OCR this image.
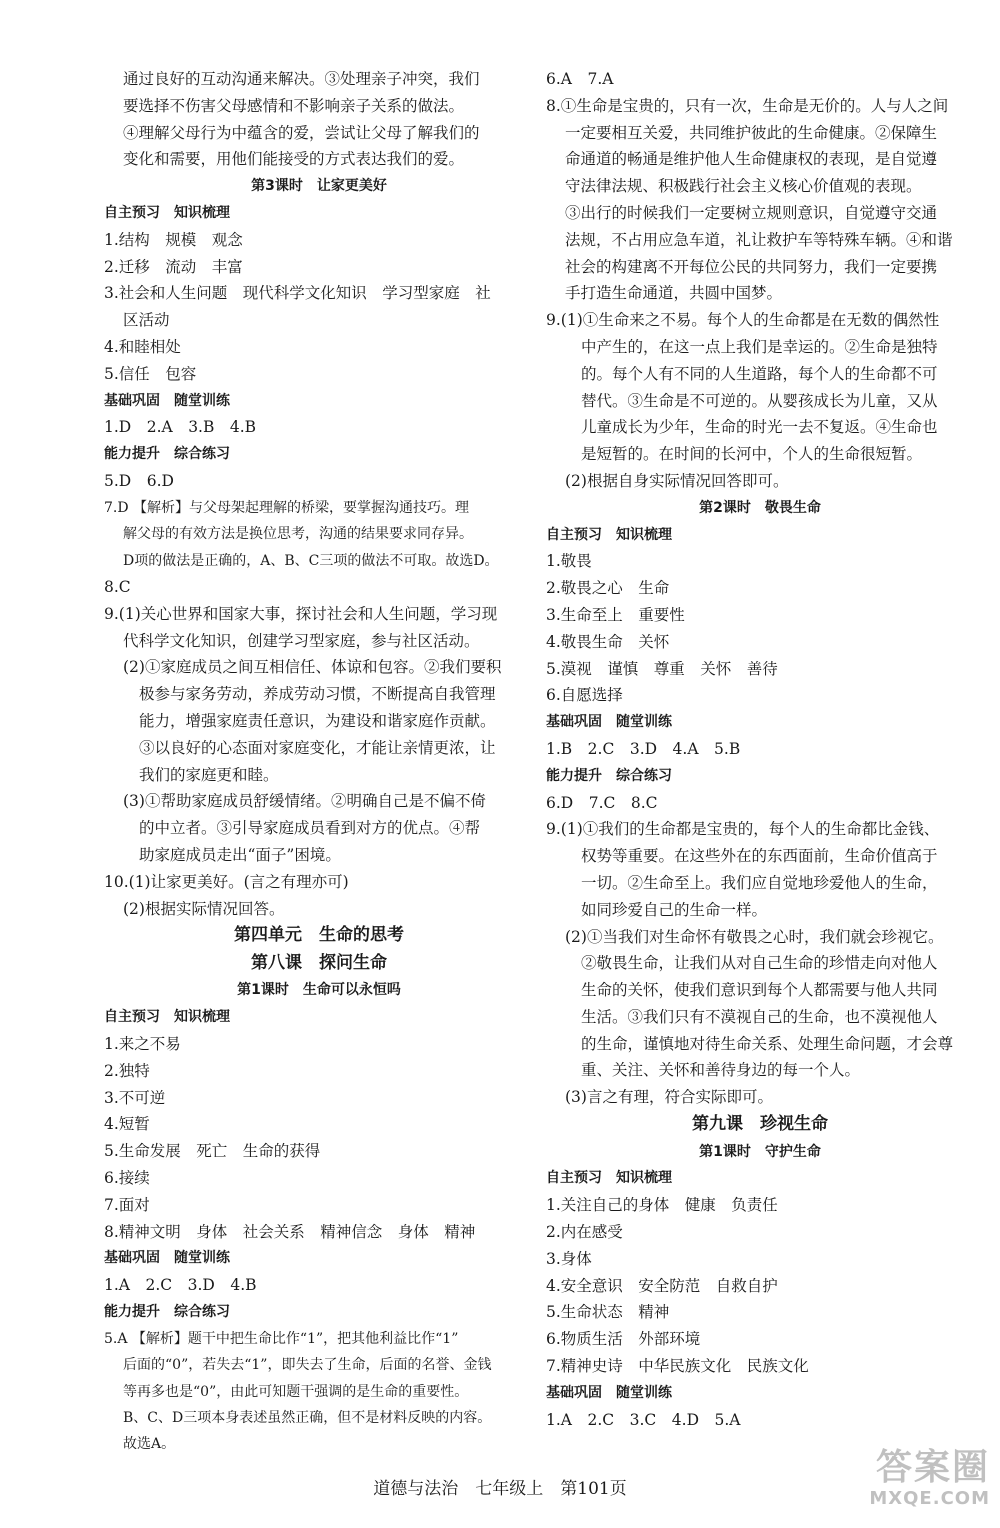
通过良好的互动沟通来解决。③处理亲子冲突，我们
要选择不伤害父母感情和不影响亲子关系的做法。
④理解父母行为中蕴含的爱，尝试让父母了解我们的
变化和需要，用他们能接受的方式表达我们的爱。
第3课时　让家更美好
自主预习　知识梳理
1.结构　规模　观念
2.迁移　流动　丰富
3.社会和人生问题　现代科学文化知识　学习型家庭　社
区活动
4.和睦相处
5.信任　包容
基础巩固　随堂训练
1.D　2.A　3.B　4.B
能力提升　综合练习
5.D　6.D
7.D 【解析】与父母架起理解的桥梁，要掌握沟通技巧。理
解父母的有效方法是换位思考，沟通的结果要求同存异。
D项的做法是正确的，A、B、C三项的做法不可取。故选D。
8.C
9.(1)关心世界和国家大事，探讨社会和人生问题，学习现
代科学文化知识，创建学习型家庭，参与社区活动。
(2)①家庭成员之间互相信任、体谅和包容。②我们要积
极参与家务劳动，养成劳动习惯，不断提高自我管理
能力，增强家庭责任意识，为建设和谐家庭作贡献。
③以良好的心态面对家庭变化，才能让亲情更浓，让
我们的家庭更和睦。
(3)①帮助家庭成员舒缓情绪。②明确自己是不偏不倚
的中立者。③引导家庭成员看到对方的优点。④帮
助家庭成员走出“面子”困境。
10.(1)让家更美好。(言之有理亦可)
(2)根据实际情况回答。
第四单元　生命的思考
第八课　探问生命
第1课时　生命可以永恒吗
自主预习　知识梳理
1.来之不易
2.独特
3.不可逆
4.短暂
5.生命发展　死亡　生命的获得
6.接续
7.面对
8.精神文明　身体　社会关系　精神信念　身体　精神
基础巩固　随堂训练
1.A　2.C　3.D　4.B
能力提升　综合练习
5.A 【解析】题干中把生命比作“1”，把其他利益比作“1”
后面的“0”，若失去“1”，即失去了生命，后面的名誉、金钱
等再多也是“0”，由此可知题干强调的是生命的重要性。
B、C、D三项本身表述虽然正确，但不是材料反映的内容。
故选A。
6.A　7.A
8.①生命是宝贵的，只有一次，生命是无价的。人与人之间
一定要相互关爱，共同维护彼此的生命健康。②保障生
命通道的畅通是维护他人生命健康权的表现，是自觉遵
守法律法规、积极践行社会主义核心价值观的表现。
③出行的时候我们一定要树立规则意识，自觉遵守交通
法规，不占用应急车道，礼让救护车等特殊车辆。④和谐
社会的构建离不开每位公民的共同努力，我们一定要携
手打造生命通道，共圆中国梦。
9.(1)①生命来之不易。每个人的生命都是在无数的偶然性
中产生的，在这一点上我们是幸运的。②生命是独特
的。每个人有不同的人生道路，每个人的生命都不可
替代。③生命是不可逆的。从婴孩成长为儿童，又从
儿童成长为少年，生命的时光一去不复返。④生命也
是短暂的。在时间的长河中，个人的生命很短暂。
(2)根据自身实际情况回答即可。
第2课时　敬畏生命
自主预习　知识梳理
1.敬畏
2.敬畏之心　生命
3.生命至上　重要性
4.敬畏生命　关怀
5.漠视　谨慎　尊重　关怀　善待
6.自愿选择
基础巩固　随堂训练
1.B　2.C　3.D　4.A　5.B
能力提升　综合练习
6.D　7.C　8.C
9.(1)①我们的生命都是宝贵的，每个人的生命都比金钱、
权势等重要。在这些外在的东西面前，生命价值高于
一切。②生命至上。我们应自觉地珍爱他人的生命，
如同珍爱自己的生命一样。
(2)①当我们对生命怀有敬畏之心时，我们就会珍视它。
②敬畏生命，让我们从对自己生命的珍惜走向对他人
生命的关怀，使我们意识到每个人都需要与他人共同
生活。③我们只有不漠视自己的生命，也不漠视他人
的生命，谨慎地对待生命关系、处理生命问题，才会尊
重、关注、关怀和善待身边的每一个人。
(3)言之有理，符合实际即可。
第九课　珍视生命
第1课时　守护生命
自主预习　知识梳理
1.关注自己的身体　健康　负责任
2.内在感受
3.身体
4.安全意识　安全防范　自救自护
5.生命状态　精神
6.物质生活　外部环境
7.精神史诗　中华民族文化　民族文化
基础巩固　随堂训练
1.A　2.C　3.C　4.D　5.A
道德与法治　七年级上　第101页
答案圈
MXQE.COM
